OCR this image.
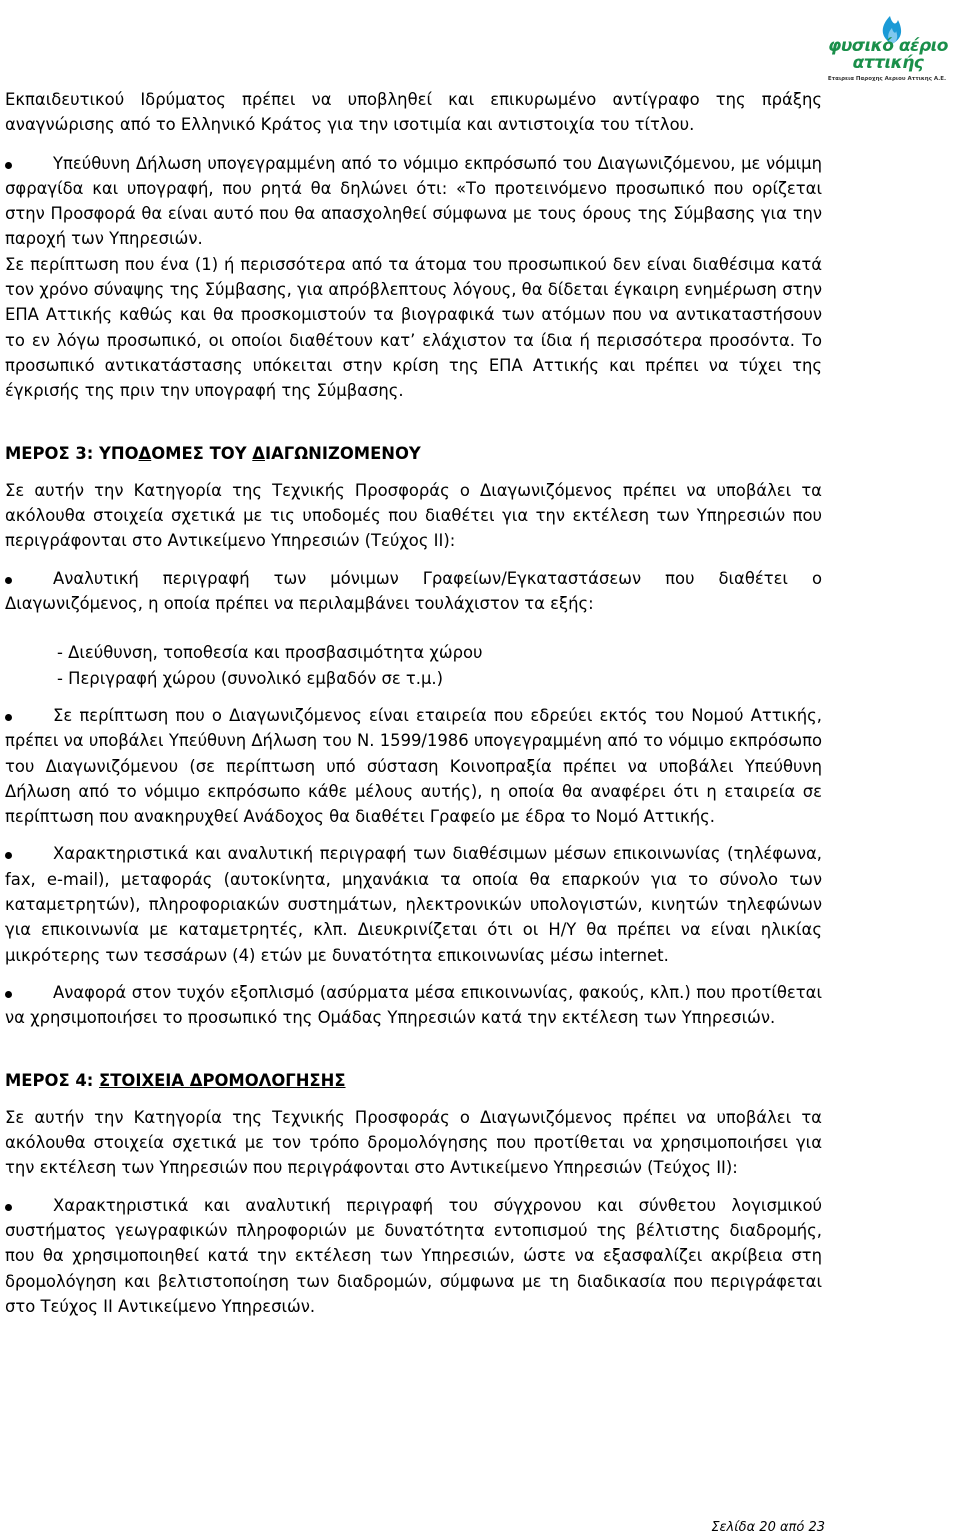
φυσικό αέριο
αττικής
Εταιρεια Παροχης Αεριου Αττικης Α.Ε.

Εκπαιδευτικού Ιδρύματος πρέπει να υποβληθεί και επικυρωμένο αντίγραφο της πράξης αναγνώρισης από το Ελληνικό Κράτος για την ισοτιμία και αντιστοιχία του τίτλου.

Υπεύθυνη Δήλωση υπογεγραμμένη από το νόμιμο εκπρόσωπό του Διαγωνιζόμενου, με νόμιμη σφραγίδα και υπογραφή, που ρητά θα δηλώνει ότι: «Το προτεινόμενο προσωπικό που ορίζεται στην Προσφορά θα είναι αυτό που θα απασχοληθεί σύμφωνα με τους όρους της Σύμβασης για την παροχή των Υπηρεσιών.

Σε περίπτωση που ένα (1) ή περισσότερα από τα άτομα του προσωπικού δεν είναι διαθέσιμα κατά τον χρόνο σύναψης της Σύμβασης, για απρόβλεπτους λόγους, θα δίδεται έγκαιρη ενημέρωση στην ΕΠΑ Αττικής καθώς και θα προσκομιστούν τα βιογραφικά των ατόμων που να αντικαταστήσουν το εν λόγω προσωπικό, οι οποίοι διαθέτουν κατ’ ελάχιστον τα ίδια ή περισσότερα προσόντα. Το προσωπικό αντικατάστασης υπόκειται στην κρίση της ΕΠΑ Αττικής και πρέπει να τύχει της έγκρισής της πριν την υπογραφή της Σύμβασης.

ΜΕΡΟΣ 3: ΥΠΟΔΟΜΕΣ ΤΟΥ ΔΙΑΓΩΝΙΖΟΜΕΝΟΥ

Σε αυτήν την Κατηγορία της Τεχνικής Προσφοράς ο Διαγωνιζόμενος πρέπει να υποβάλει τα ακόλουθα στοιχεία σχετικά με τις υποδομές που διαθέτει για την εκτέλεση των Υπηρεσιών που περιγράφονται στο Αντικείμενο Υπηρεσιών (Τεύχος ΙΙ):

Αναλυτική περιγραφή των μόνιμων Γραφείων/Εγκαταστάσεων που διαθέτει ο Διαγωνιζόμενος, η οποία πρέπει να περιλαμβάνει τουλάχιστον τα εξής:

- Διεύθυνση, τοποθεσία και προσβασιμότητα χώρου

- Περιγραφή χώρου (συνολικό εμβαδόν σε τ.μ.)

Σε περίπτωση που ο Διαγωνιζόμενος είναι εταιρεία που εδρεύει εκτός του Νομού Αττικής, πρέπει να υποβάλει Υπεύθυνη Δήλωση του Ν. 1599/1986 υπογεγραμμένη από το νόμιμο εκπρόσωπο του Διαγωνιζόμενου (σε περίπτωση υπό σύσταση Κοινοπραξία πρέπει να υποβάλει Υπεύθυνη Δήλωση από το νόμιμο εκπρόσωπο κάθε μέλους αυτής), η οποία θα αναφέρει ότι η εταιρεία σε περίπτωση που ανακηρυχθεί Ανάδοχος θα διαθέτει Γραφείο με έδρα το Νομό Αττικής.

Χαρακτηριστικά και αναλυτική περιγραφή των διαθέσιμων μέσων επικοινωνίας (τηλέφωνα, fax, e-mail), μεταφοράς (αυτοκίνητα, μηχανάκια τα οποία θα επαρκούν για το σύνολο των καταμετρητών), πληροφοριακών συστημάτων, ηλεκτρονικών υπολογιστών, κινητών τηλεφώνων για επικοινωνία με καταμετρητές, κλπ. Διευκρινίζεται ότι οι Η/Υ θα πρέπει να είναι ηλικίας μικρότερης των τεσσάρων (4) ετών με δυνατότητα επικοινωνίας μέσω internet.

Αναφορά στον τυχόν εξοπλισμό (ασύρματα μέσα επικοινωνίας, φακούς, κλπ.) που προτίθεται να χρησιμοποιήσει το προσωπικό της Ομάδας Υπηρεσιών κατά την εκτέλεση των Υπηρεσιών.

ΜΕΡΟΣ 4: ΣΤΟΙΧΕΙΑ ΔΡΟΜΟΛΟΓΗΣΗΣ

Σε αυτήν την Κατηγορία της Τεχνικής Προσφοράς ο Διαγωνιζόμενος πρέπει να υποβάλει τα ακόλουθα στοιχεία σχετικά με τον τρόπο δρομολόγησης που προτίθεται να χρησιμοποιήσει για την εκτέλεση των Υπηρεσιών που περιγράφονται στο Αντικείμενο Υπηρεσιών (Τεύχος ΙΙ):

Χαρακτηριστικά και αναλυτική περιγραφή του σύγχρονου και σύνθετου λογισμικού συστήματος γεωγραφικών πληροφοριών με δυνατότητα εντοπισμού της βέλτιστης διαδρομής, που θα χρησιμοποιηθεί κατά την εκτέλεση των Υπηρεσιών, ώστε να εξασφαλίζει ακρίβεια στη δρομολόγηση και βελτιστοποίηση των διαδρομών, σύμφωνα με τη διαδικασία που περιγράφεται στο Τεύχος ΙΙ Αντικείμενο Υπηρεσιών.

Σελίδα 20 από 23
